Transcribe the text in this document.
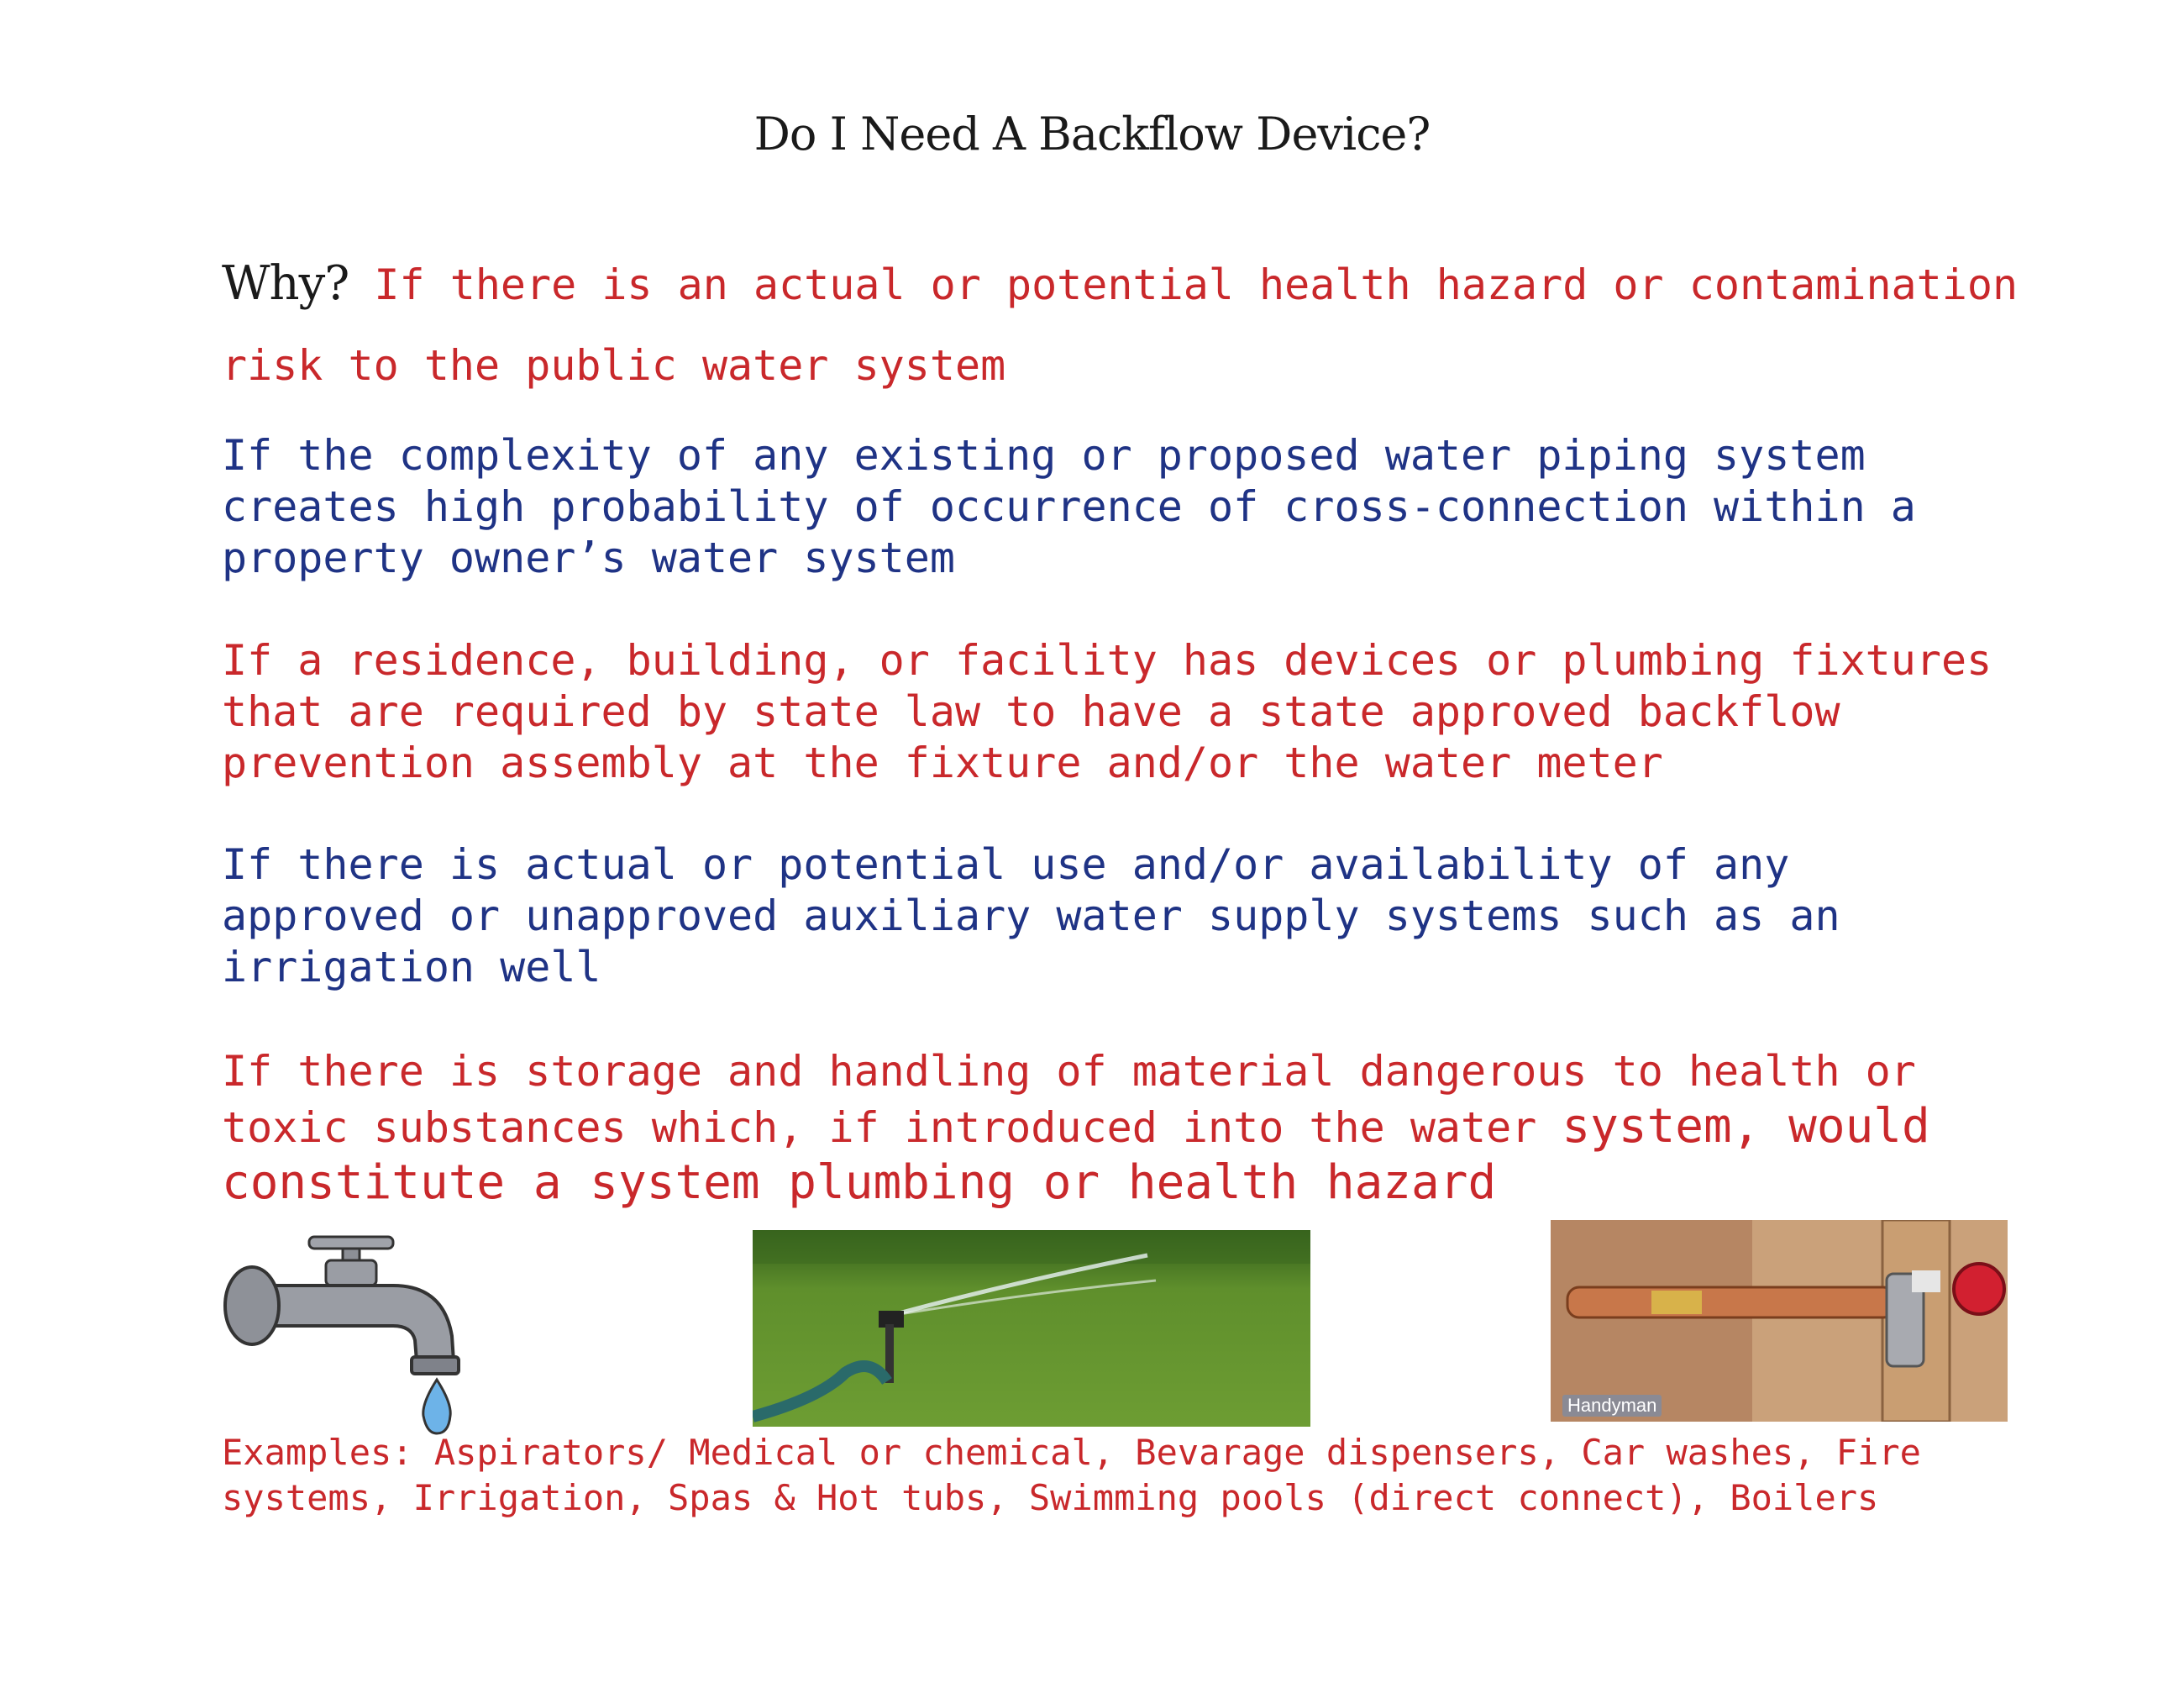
Do I Need A Backflow Device?

Why? If there is an actual or potential health hazard or contamination risk to the public water system

If the complexity of any existing or proposed water piping system
creates high probability of occurrence of cross-connection within a
property owner’s water system

If a residence, building, or facility has devices or plumbing fixtures
that are required by state law to have a state approved backflow
prevention assembly at the fixture and/or the water meter

If there is actual or potential use and/or availability of any
approved or unapproved auxiliary water supply systems such as an
irrigation well

If there is storage and handling of material dangerous to health or
toxic substances which, if introduced into the water system, would
constitute a system plumbing or health hazard

Handyman

Examples: Aspirators/ Medical or chemical, Bevarage dispensers, Car washes, Fire
systems, Irrigation, Spas & Hot tubs, Swimming pools (direct connect), Boilers
